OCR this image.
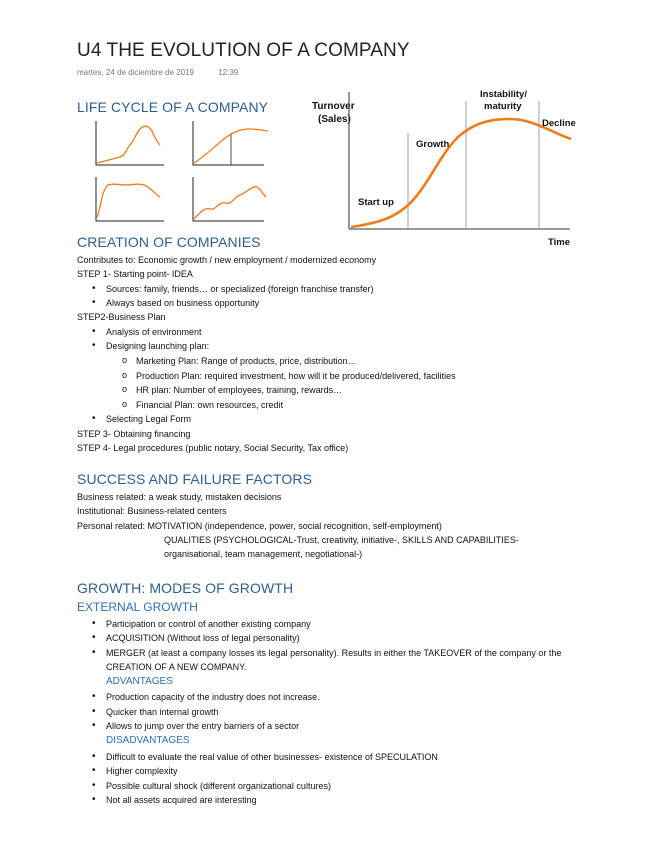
U4 THE EVOLUTION OF A COMPANY
martes, 24 de diciembre de 2019	12:39
LIFE CYCLE OF A COMPANY	Turnover
(Sales)
Start up
Growth
Instability/
maturity
Decline
Time
CREATION OF COMPANIES
Contributes to: Economic growth / new employment / modernized economy
STEP 1- Starting point- IDEA
• Sources: family, friends… or specialized (foreign franchise transfer)
• Always based on business opportunity
STEP2-Business Plan
• Analysis of environment
• Designing launching plan:
o Marketing Plan: Range of products, price, distribution…
o Production Plan: required investment, how will it be produced/delivered, facilities
o HR plan: Number of employees, training, rewards…
o Financial Plan: own resources, credit
• Selecting Legal Form
STEP 3- Obtaining financing
STEP 4- Legal procedures (public notary, Social Security, Tax office)
SUCCESS AND FAILURE FACTORS
Business related: a weak study, mistaken decisions
Institutional: Business-related centers
Personal related: MOTIVATION (independence, power, social recognition, self-employment)
QUALITIES (PSYCHOLOGICAL-Trust, creativity, initiative-, SKILLS AND CAPABILITIES-
organisational, team management, negotiational-)
GROWTH: MODES OF GROWTH
EXTERNAL GROWTH
• Participation or control of another existing company
• ACQUISITION (Without loss of legal personality)
• MERGER (at least a company losses its legal personality). Results in either the TAKEOVER of the company or the CREATION OF A NEW COMPANY.
ADVANTAGES
• Production capacity of the industry does not increase.
• Quicker than internal growth
• Allows to jump over the entry barriers of a sector
DISADVANTAGES
• Difficult to evaluate the real value of other businesses- existence of SPECULATION
• Higher complexity
• Possible cultural shock (different organizational cultures)
• Not all assets acquired are interesting
